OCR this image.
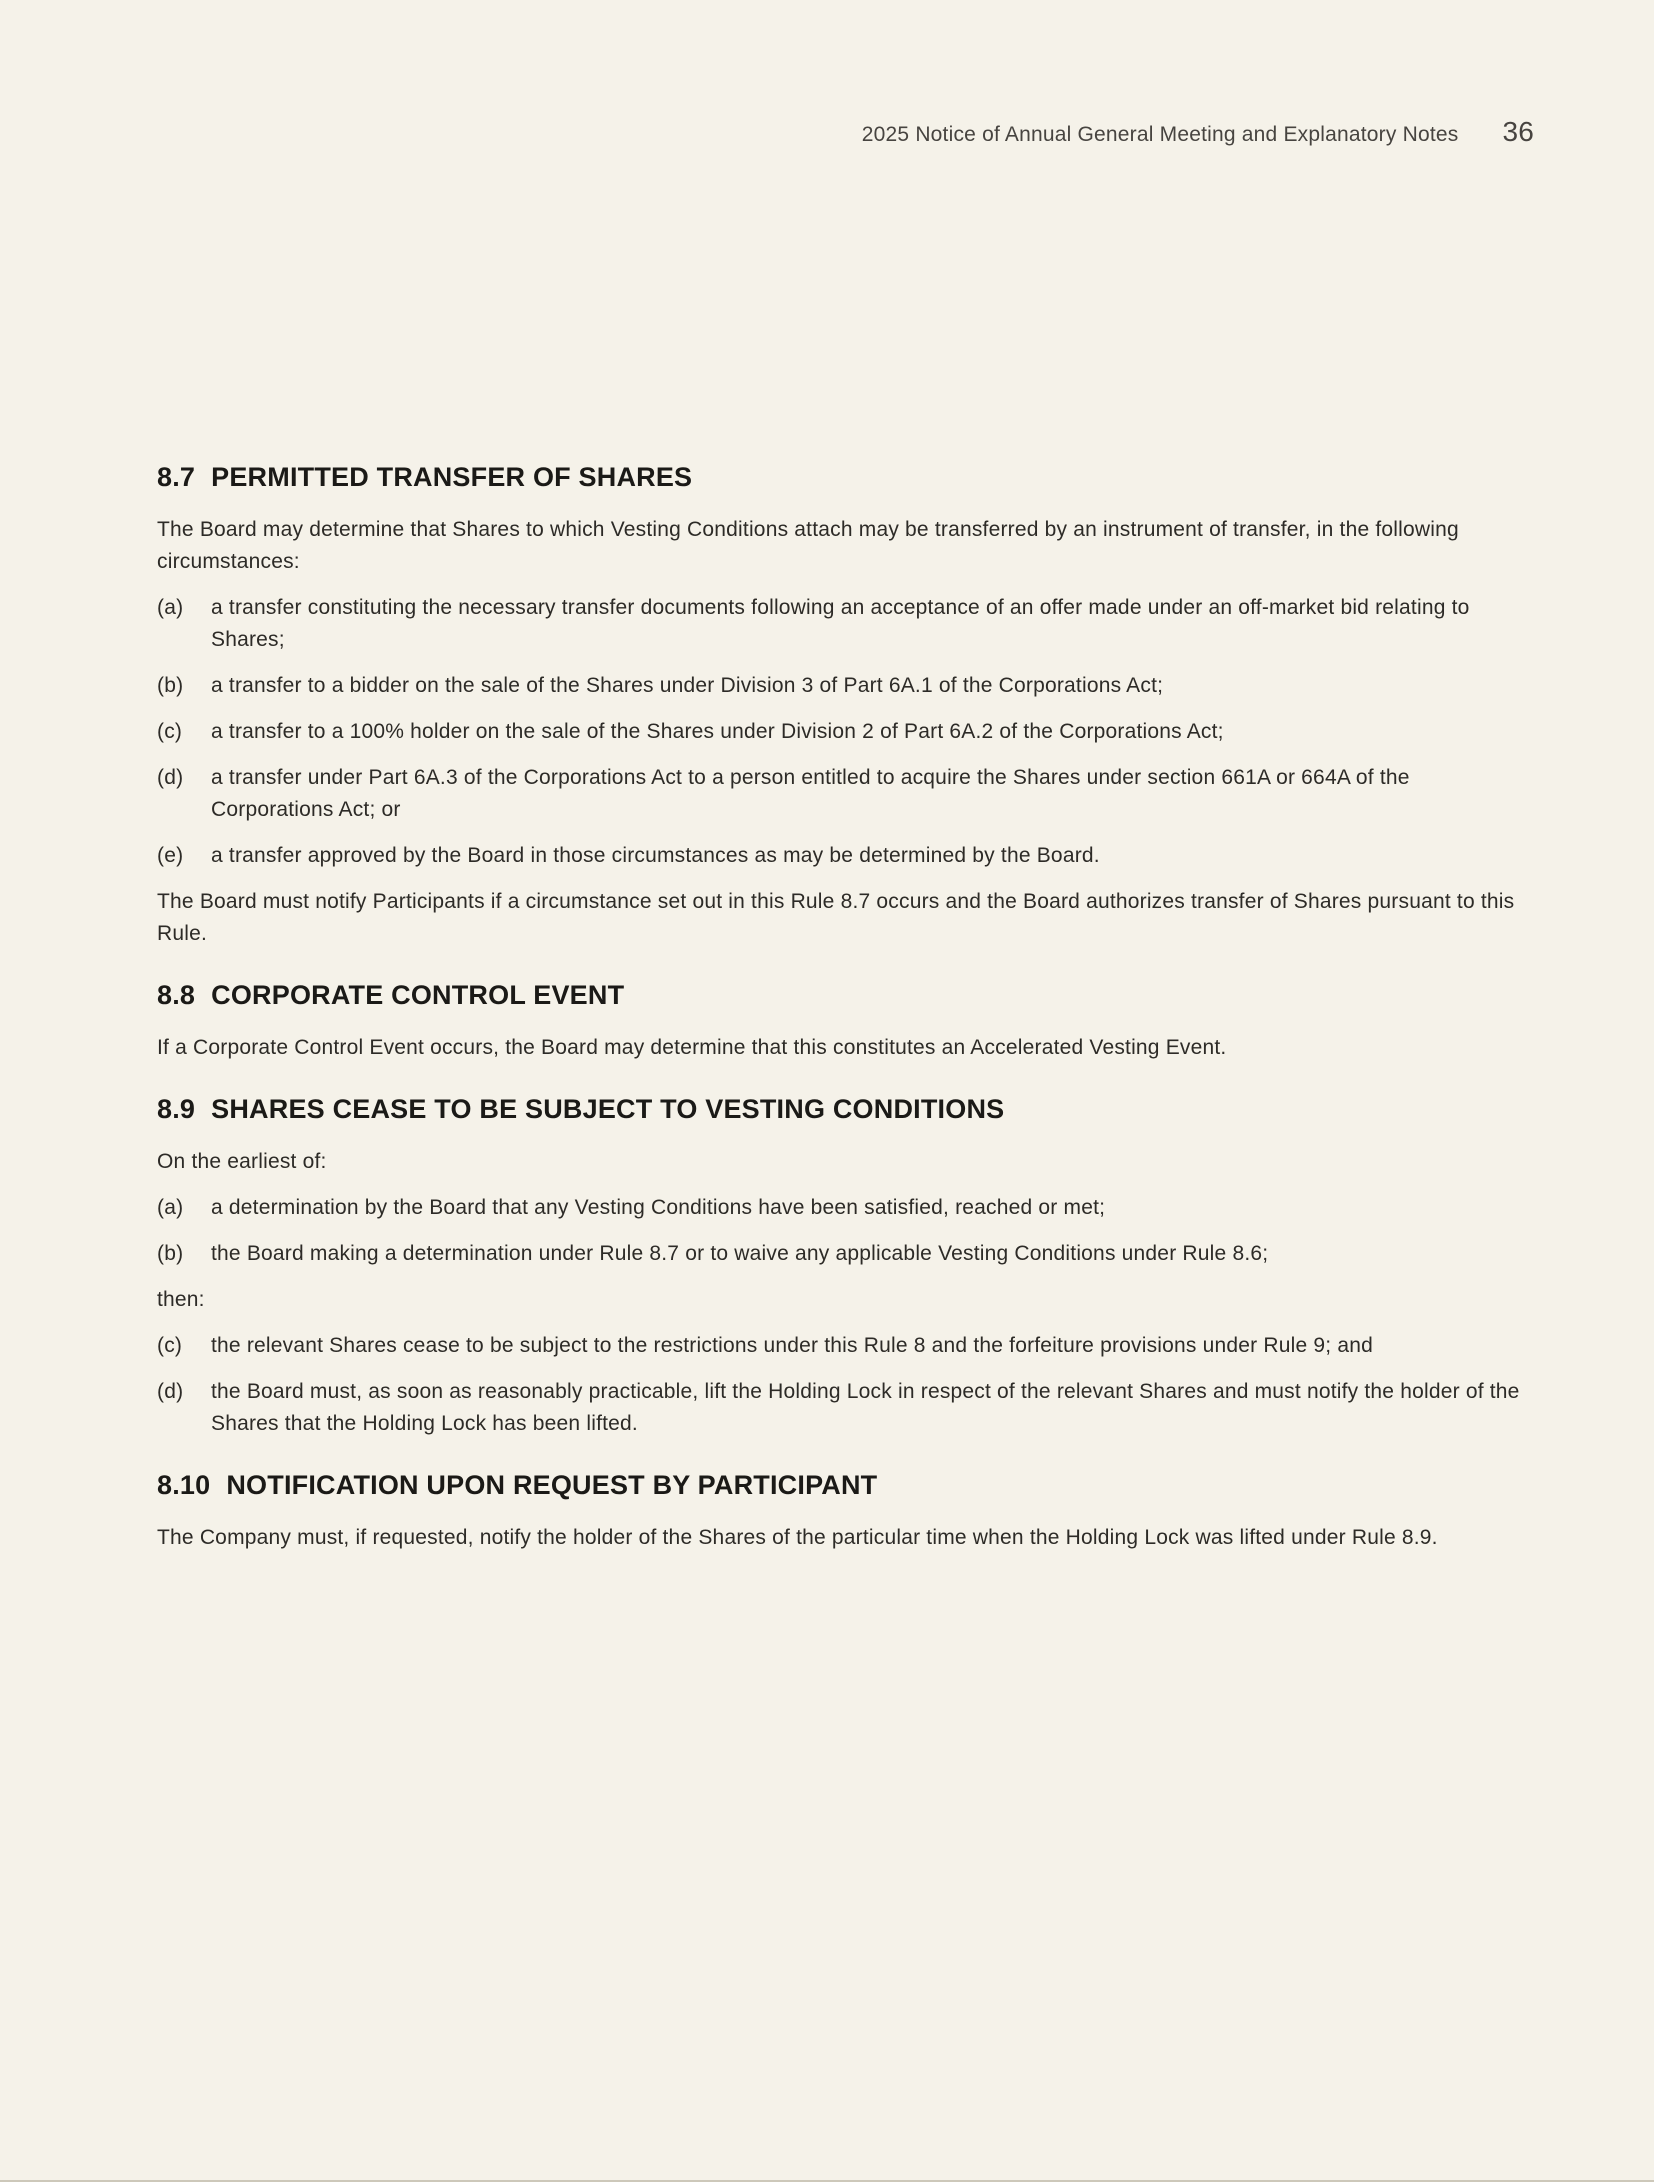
2025 Notice of Annual General Meeting and Explanatory Notes 36
8.7 PERMITTED TRANSFER OF SHARES

The Board may determine that Shares to which Vesting Conditions attach may be transferred by an instrument of transfer, in the following circumstances:

(a)	a transfer constituting the necessary transfer documents following an acceptance of an offer made under an off-market bid relating to Shares;
(b)	a transfer to a bidder on the sale of the Shares under Division 3 of Part 6A.1 of the Corporations Act;
(c)	a transfer to a 100% holder on the sale of the Shares under Division 2 of Part 6A.2 of the Corporations Act;
(d)	a transfer under Part 6A.3 of the Corporations Act to a person entitled to acquire the Shares under section 661A or 664A of the Corporations Act; or
(e)	a transfer approved by the Board in those circumstances as may be determined by the Board.

The Board must notify Participants if a circumstance set out in this Rule 8.7 occurs and the Board authorizes transfer of Shares pursuant to this Rule.

8.8 CORPORATE CONTROL EVENT

If a Corporate Control Event occurs, the Board may determine that this constitutes an Accelerated Vesting Event.

8.9 SHARES CEASE TO BE SUBJECT TO VESTING CONDITIONS

On the earliest of:

(a)	a determination by the Board that any Vesting Conditions have been satisfied, reached or met;
(b)	the Board making a determination under Rule 8.7 or to waive any applicable Vesting Conditions under Rule 8.6;

then:

(c)	the relevant Shares cease to be subject to the restrictions under this Rule 8 and the forfeiture provisions under Rule 9; and
(d)	the Board must, as soon as reasonably practicable, lift the Holding Lock in respect of the relevant Shares and must notify the holder of the Shares that the Holding Lock has been lifted.
8.10 NOTIFICATION UPON REQUEST BY PARTICIPANT

The Company must, if requested, notify the holder of the Shares of the particular time when the Holding Lock was lifted under Rule 8.9.
